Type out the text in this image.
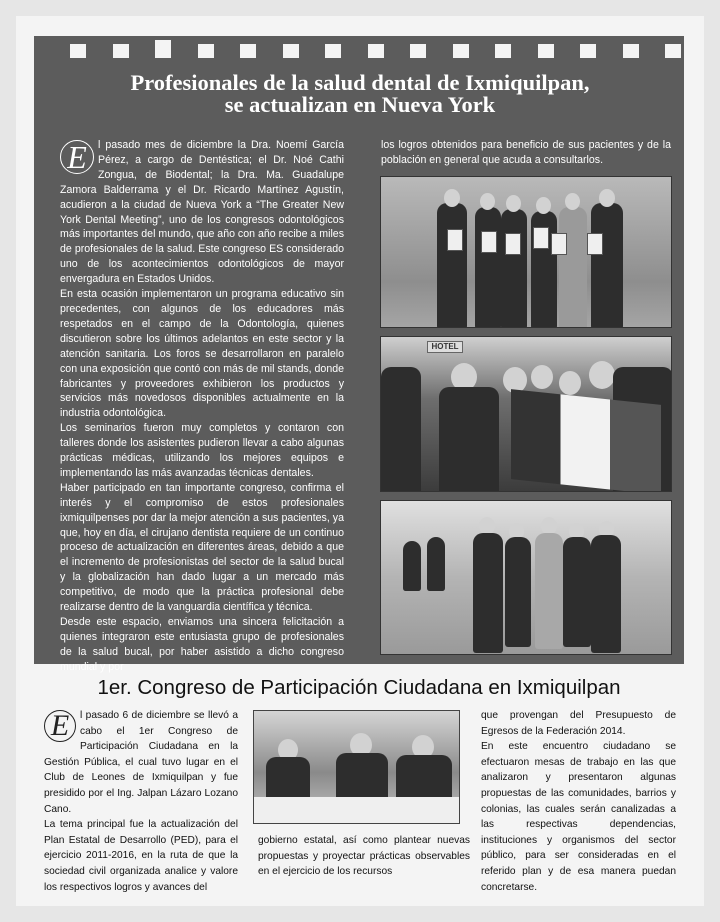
Profesionales de la salud dental de Ixmiquilpan,
se actualizan en Nueva York
E	l pasado mes de diciembre la Dra. Noemí García Pérez, a cargo de Dentéstica; el Dr. Noé Cathi Zongua, de Biodental; la Dra. Ma. Guadalupe Zamora Balderrama y el Dr. Ricardo Martínez Agustín, acudieron a la ciudad de Nueva York a “The Greater New York Dental Meeting”, uno de los congresos odontológicos más importantes del mundo, que año con año recibe a miles de profesionales de la salud. Este congreso ES considerado uno de los acontecimientos odontológicos de mayor envergadura en Estados Unidos.

En esta ocasión implementaron un programa educativo sin precedentes, con algunos de los educadores más respetados en el campo de la Odontología, quienes discutieron sobre los últimos adelantos en este sector y la atención sanitaria. Los foros se desarrollaron en paralelo con una exposición que contó con más de mil stands, donde fabricantes y proveedores exhibieron los productos y servicios más novedosos disponibles actualmente en la industria odontológica.

Los seminarios fueron muy completos y contaron con talleres donde los asistentes pudieron llevar a cabo algunas prácticas médicas, utilizando los mejores equipos e implementando las más avanzadas técnicas dentales.

Haber participado en tan importante congreso, confirma el interés y el compromiso de estos profesionales ixmiquilpenses por dar la mejor atención a sus pacientes, ya que, hoy en día, el cirujano dentista requiere de un continuo proceso de actualización en diferentes áreas, debido a que el incremento de profesionistas del sector de la salud bucal y la globalización han dado lugar a un mercado más competitivo, de modo que la práctica profesional debe realizarse dentro de la vanguardia científica y técnica.

Desde este espacio, enviamos una sincera felicitación a quienes integraron este entusiasta grupo de profesionales de la salud bucal, por haber asistido a dicho congreso mundial y por

los logros obtenidos para beneficio de sus pacientes y de la población en general que acuda a consultarlos.

HOTEL
1er. Congreso de Participación Ciudadana en Ixmiquilpan
E	l pasado 6 de diciembre se llevó a cabo el 1er Congreso de Participación Ciudadana en la Gestión Pública, el cual tuvo lugar en el Club de Leones de Ixmiquilpan y fue presidido por el Ing. Jalpan Lázaro Lozano Cano.

La tema principal fue la actualización del Plan Estatal de Desarrollo (PED), para el ejercicio 2011-2016, en la ruta de que la sociedad civil organizada analice y valore los respectivos logros y avances del

gobierno estatal, así como plantear nuevas propuestas y proyectar prácticas observables en el ejercicio de los recursos

que provengan del Presupuesto de Egresos de la Federación 2014.

En este encuentro ciudadano se efectuaron mesas de trabajo en las que analizaron y presentaron algunas propuestas de las comunidades, barrios y colonias, las cuales serán canalizadas a las respectivas dependencias, instituciones y organismos del sector público, para ser consideradas en el referido plan y de esa manera puedan concretarse.
